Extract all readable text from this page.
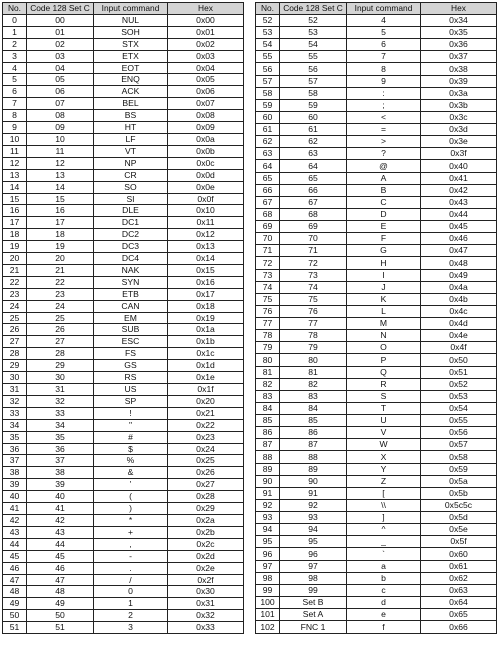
No.	Code 128 Set C	Input command	Hex
0	00	NUL	0x00
1	01	SOH	0x01
2	02	STX	0x02
3	03	ETX	0x03
4	04	EOT	0x04
5	05	ENQ	0x05
6	06	ACK	0x06
7	07	BEL	0x07
8	08	BS	0x08
9	09	HT	0x09
10	10	LF	0x0a
11	11	VT	0x0b
12	12	NP	0x0c
13	13	CR	0x0d
14	14	SO	0x0e
15	15	SI	0x0f
16	16	DLE	0x10
17	17	DC1	0x11
18	18	DC2	0x12
19	19	DC3	0x13
20	20	DC4	0x14
21	21	NAK	0x15
22	22	SYN	0x16
23	23	ETB	0x17
24	24	CAN	0x18
25	25	EM	0x19
26	26	SUB	0x1a
27	27	ESC	0x1b
28	28	FS	0x1c
29	29	GS	0x1d
30	30	RS	0x1e
31	31	US	0x1f
32	32	SP	0x20
33	33	!	0x21
34	34	"	0x22
35	35	#	0x23
36	36	$	0x24
37	37	%	0x25
38	38	&	0x26
39	39	'	0x27
40	40	(	0x28
41	41	)	0x29
42	42	*	0x2a
43	43	+	0x2b
44	44	,	0x2c
45	45	-	0x2d
46	46	.	0x2e
47	47	/	0x2f
48	48	0	0x30
49	49	1	0x31
50	50	2	0x32
51	51	3	0x33
No.	Code 128 Set C	Input command	Hex
52	52	4	0x34
53	53	5	0x35
54	54	6	0x36
55	55	7	0x37
56	56	8	0x38
57	57	9	0x39
58	58	:	0x3a
59	59	;	0x3b
60	60	<	0x3c
61	61	=	0x3d
62	62	>	0x3e
63	63	?	0x3f
64	64	@	0x40
65	65	A	0x41
66	66	B	0x42
67	67	C	0x43
68	68	D	0x44
69	69	E	0x45
70	70	F	0x46
71	71	G	0x47
72	72	H	0x48
73	73	I	0x49
74	74	J	0x4a
75	75	K	0x4b
76	76	L	0x4c
77	77	M	0x4d
78	78	N	0x4e
79	79	O	0x4f
80	80	P	0x50
81	81	Q	0x51
82	82	R	0x52
83	83	S	0x53
84	84	T	0x54
85	85	U	0x55
86	86	V	0x56
87	87	W	0x57
88	88	X	0x58
89	89	Y	0x59
90	90	Z	0x5a
91	91	[	0x5b
92	92	\\	0x5c5c
93	93	]	0x5d
94	94	^	0x5e
95	95	_	0x5f
96	96	`	0x60
97	97	a	0x61
98	98	b	0x62
99	99	c	0x63
100	Set B	d	0x64
101	Set A	e	0x65
102	FNC 1	f	0x66
